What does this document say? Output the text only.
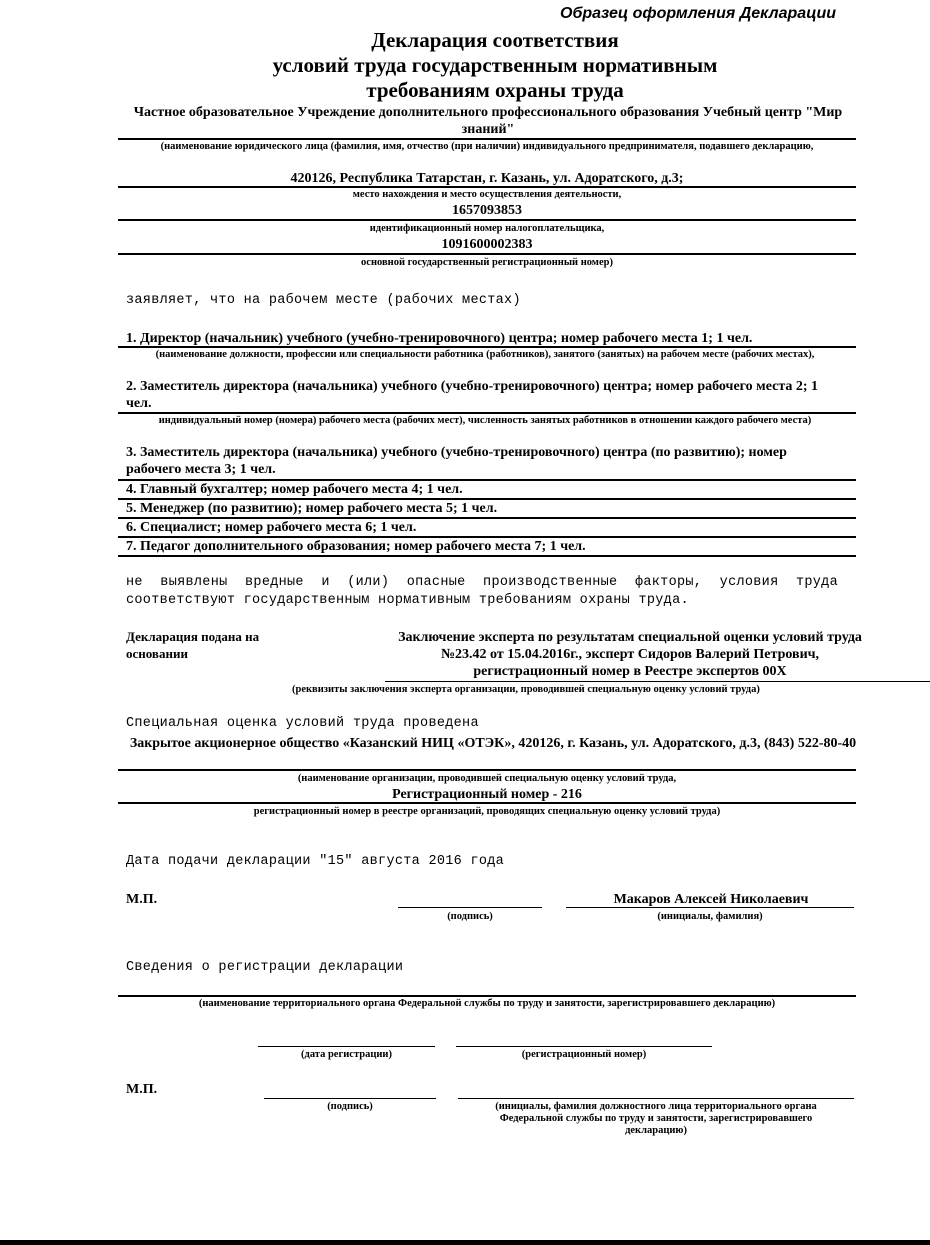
Образец оформления Декларации
Декларация соответствия
условий труда государственным нормативным
требованиям охраны труда
Частное образовательное Учреждение дополнительного профессионального образования Учебный центр "Мир знаний"
(наименование юридического лица (фамилия, имя, отчество (при наличии) индивидуального предпринимателя, подавшего декларацию,
420126, Республика Татарстан, г. Казань, ул. Адоратского, д.3;
место нахождения и место осуществления деятельности,
1657093853
идентификационный номер налогоплательщика,
1091600002383
основной государственный регистрационный номер)
заявляет, что на рабочем месте (рабочих местах)
1. Директор (начальник) учебного (учебно-тренировочного) центра; номер рабочего места 1; 1 чел.
(наименование должности, профессии или специальности работника (работников), занятого (занятых) на рабочем месте (рабочих местах),
2. Заместитель директора (начальника) учебного (учебно-тренировочного) центра; номер рабочего места 2; 1 чел.
индивидуальный номер (номера) рабочего места (рабочих мест), численность занятых работников в отношении каждого рабочего места)
3. Заместитель директора (начальника) учебного (учебно-тренировочного) центра (по развитию); номер рабочего места 3; 1 чел.
4. Главный бухгалтер; номер рабочего места 4; 1 чел.
5. Менеджер (по развитию); номер рабочего места 5; 1 чел.
6. Специалист; номер рабочего места 6; 1 чел.
7. Педагог дополнительного образования; номер рабочего места 7; 1 чел.
не выявлены вредные и (или) опасные производственные факторы, условия труда соответствуют государственным нормативным требованиям охраны труда.
Декларация подана на основании
Заключение эксперта по результатам специальной оценки условий труда №23.42 от 15.04.2016г., эксперт Сидоров Валерий Петрович, регистрационный номер в Реестре экспертов 00Х
(реквизиты заключения эксперта организации, проводившей специальную оценку условий труда)
Специальная оценка условий труда проведена
Закрытое акционерное общество «Казанский НИЦ «ОТЭК», 420126, г. Казань, ул. Адоратского, д.3, (843) 522-80-40
(наименование организации, проводившей специальную оценку условий труда,
Регистрационный номер - 216
регистрационный номер в реестре организаций, проводящих специальную оценку условий труда)
Дата подачи декларации "15" августа 2016 года
М.П.	Макаров Алексей Николаевич
(подпись)	(инициалы, фамилия)
Сведения о регистрации декларации
(наименование территориального органа Федеральной службы по труду и занятости, зарегистрировавшего декларацию)
(дата регистрации)	(регистрационный номер)
М.П.
(подпись)	(инициалы, фамилия должностного лица территориального органа Федеральной службы по труду и занятости, зарегистрировавшего декларацию)
